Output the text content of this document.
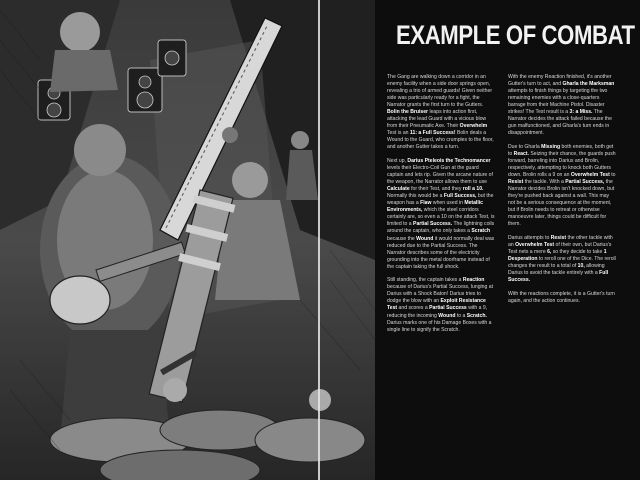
EXAMPLE OF COMBAT

The Gang are walking down a corridor in an enemy facility when a side door springs open, revealing a trio of armed guards! Given neither side was particularly ready for a fight, the Narrator grants the first turn to the Gutters. Bolin the Bruiser leaps into action first, attacking the lead Guard with a vicious blow from their Pneumatic Axe. Their Overwhelm Test is an 11: a Full Success! Bolin deals a Wound to the Guard, who crumples to the floor, and another Gutter takes a turn.

Next up, Darius Pteleois the Technomancer levels their Electro-Coil Gun at the guard captain and lets rip. Given the arcane nature of the weapon, the Narrator allows them to use Calculate for their Test, and they roll a 10. Normally this would be a Full Success, but the weapon has a Flaw when used in Metallic Environments, which the steel corridors certainly are, so even a 10 on the attack Test, is limited to a Partial Success. The lightning coils around the captain, who only takes a Scratch because the Wound it would normally deal was reduced due to the Partial Success. The Narrator describes some of the electricity grounding into the metal doorframe instead of the captain taking the full shock.

Still standing, the captain takes a Reaction because of Darius's Partial Success, lunging at Darius with a Shock Baton! Darius tries to dodge the blow with an Exploit Resistance Test and scores a Partial Success with a 9, reducing the incoming Wound to a Scratch. Darius marks one of his Damage Boxes with a single line to signify the Scratch.

With the enemy Reaction finished, it's another Gutter's turn to act, and Gharla the Marksman attempts to finish things by targeting the two remaining enemies with a close-quarters barrage from their Machine Pistol. Disaster strikes! The Test result is a 3: a Miss. The Narrator decides the attack failed because the gun malfunctioned, and Gharla's turn ends in disappointment.

Due to Gharla Missing both enemies, both get to React. Seizing their chance, the guards push forward, barreling into Darius and Brolin, respectively, attempting to knock both Gutters down. Brolin rolls a 9 on an Overwhelm Test to Resist the tackle. With a Partial Success, the Narrator decides Brolin isn't knocked down, but they're pushed back against a wall. This may not be a serious consequence at the moment, but if Brolin needs to retreat or otherwise manoeuvre later, things could be difficult for them.

Darius attempts to Resist the other tackle with an Overwhelm Test of their own, but Darius's Test nets a mere 6, so they decide to take 1 Desperation to reroll one of the Dice. The reroll changes the result to a total of 10, allowing Darius to avoid the tackle entirely with a Full Success.

With the reactions complete, it is a Gutter's turn again, and the action continues.
